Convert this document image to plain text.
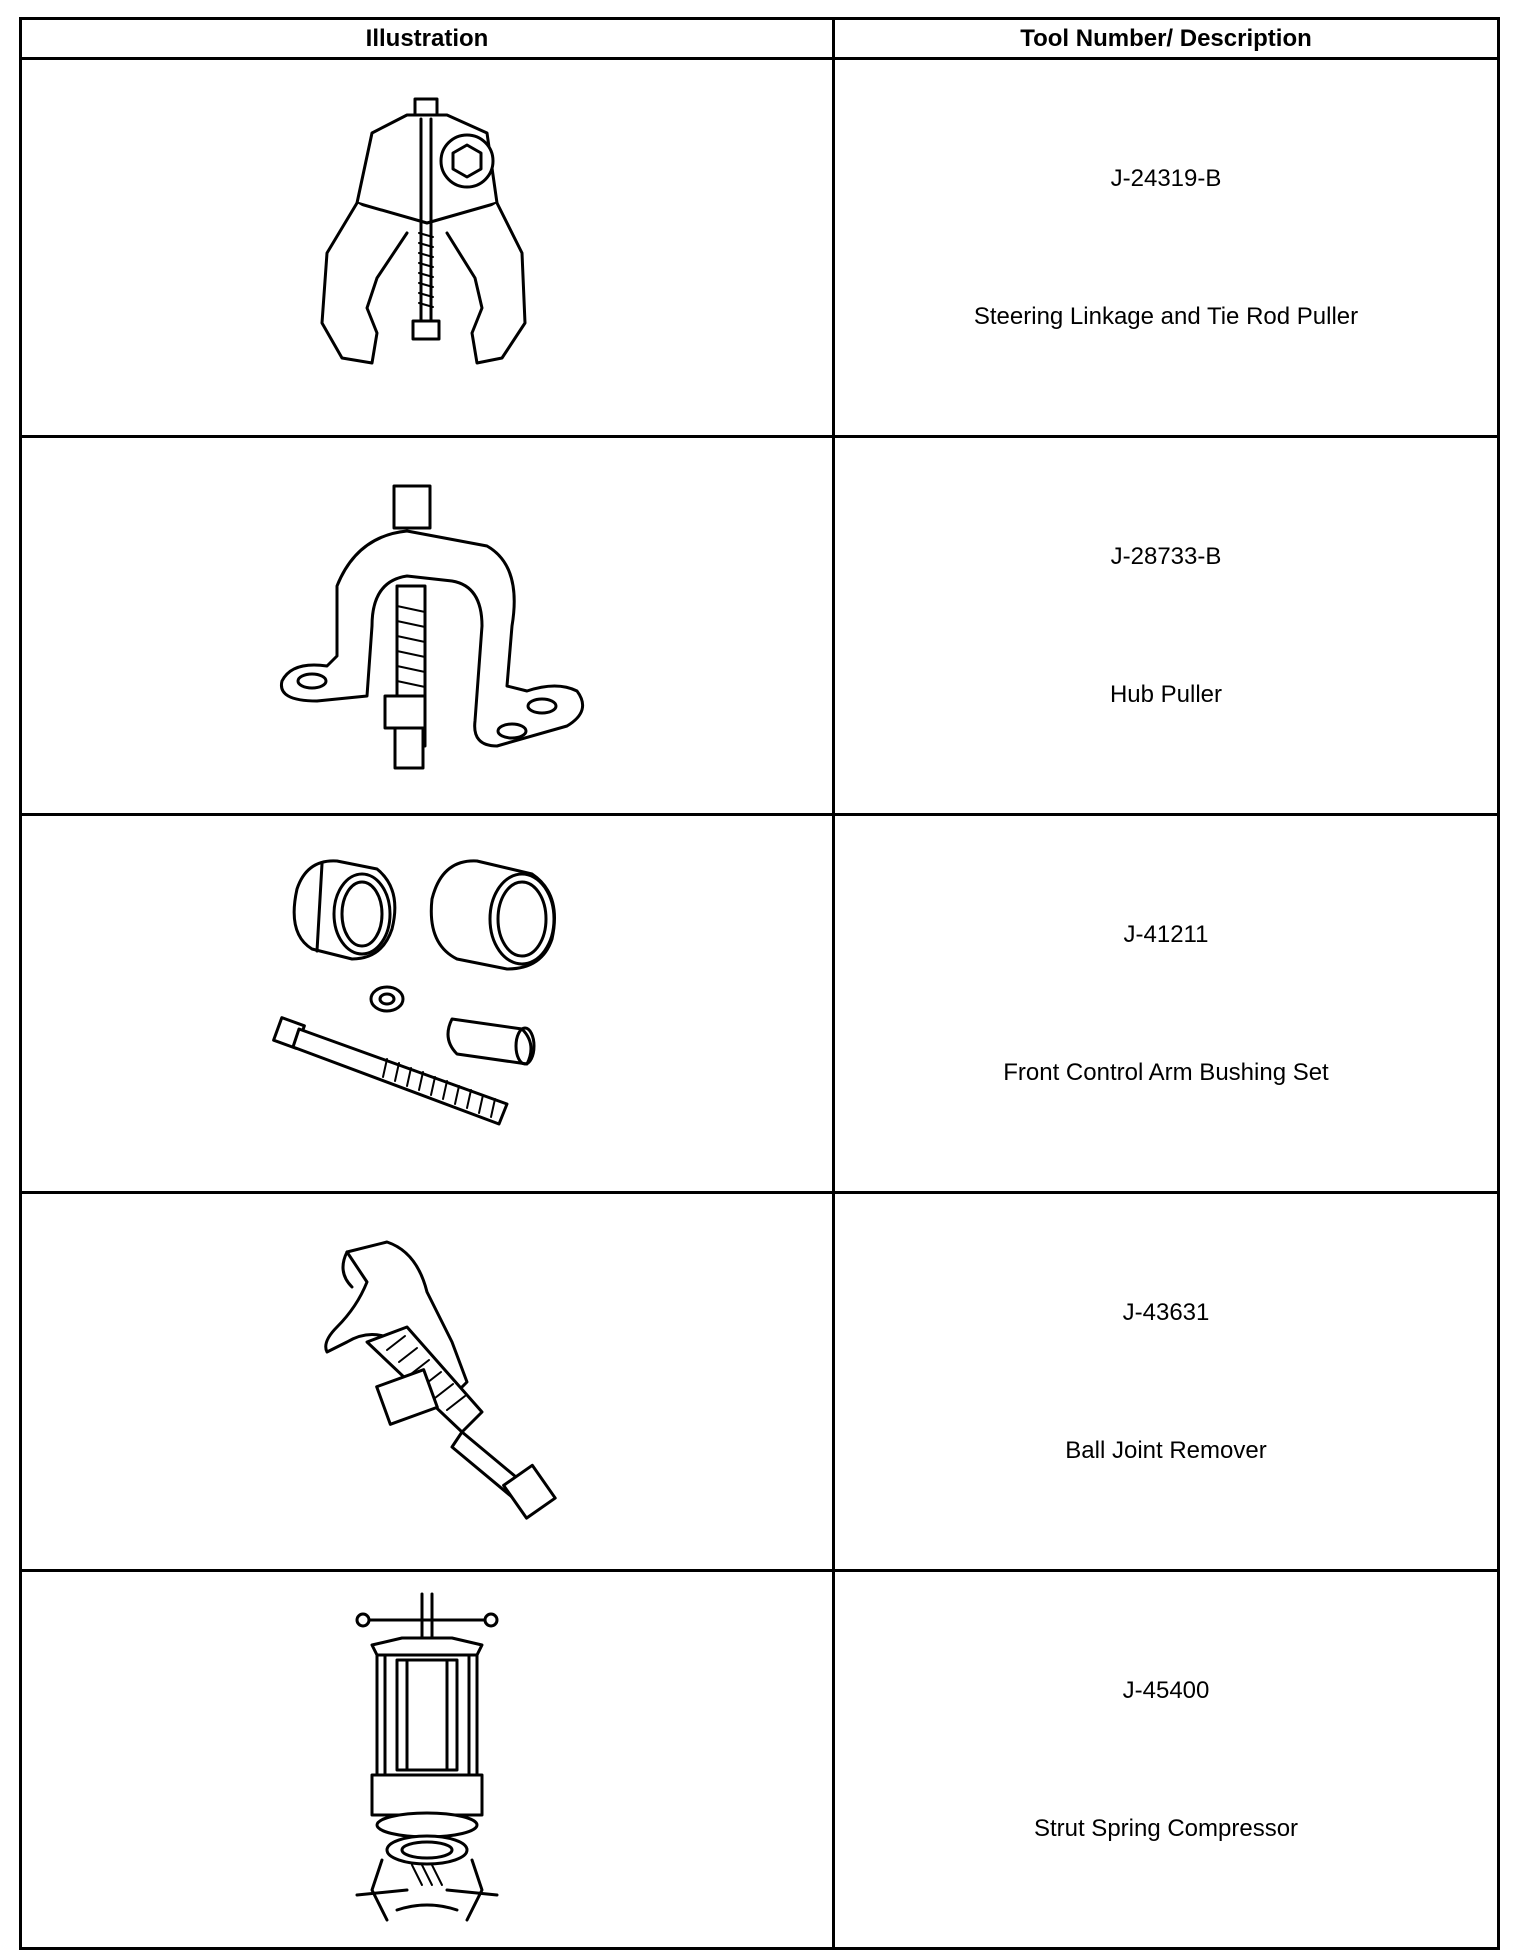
Illustration	Tool Number/ Description

J-24319-B
Steering Linkage and Tie Rod Puller

J-28733-B
Hub Puller

J-41211
Front Control Arm Bushing Set

J-43631
Ball Joint Remover

J-45400
Strut Spring Compressor
